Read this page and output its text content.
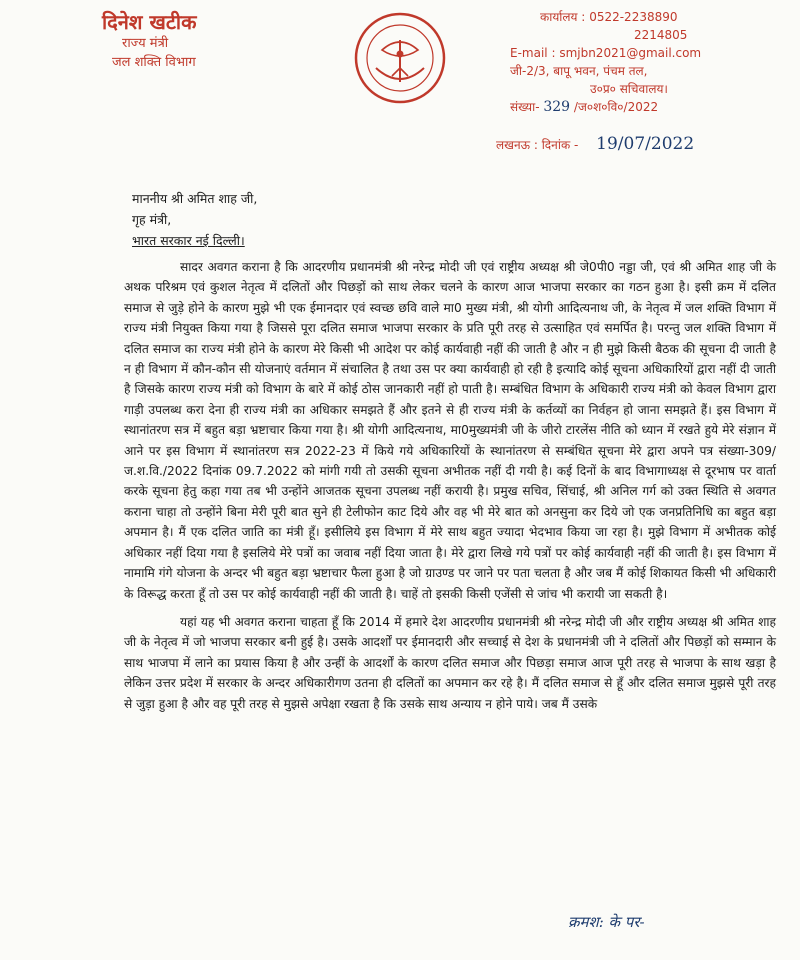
दिनेश खटीक
राज्य मंत्री
जल शक्ति विभाग
कार्यालय : 0522-2238890
2214805
E-mail : smjbn2021@gmail.com
जी-2/3, बापू भवन, पंचम तल,
उ०प्र० सचिवालय।
संख्या- 329 /ज०श०वि०/2022
लखनऊ : दिनांक - 19/07/2022
माननीय श्री अमित शाह जी,
गृह मंत्री,
भारत सरकार नई दिल्ली।

सादर अवगत कराना है कि आदरणीय प्रधानमंत्री श्री नरेन्द्र मोदी जी एवं राष्ट्रीय अध्यक्ष श्री जे0पी0 नड्डा जी, एवं श्री अमित शाह जी के अथक परिश्रम एवं कुशल नेतृत्व में दलितों और पिछड़ों को साथ लेकर चलने के कारण आज भाजपा सरकार का गठन हुआ है। इसी क्रम में दलित समाज से जुड़े होने के कारण मुझे भी एक ईमानदार एवं स्वच्छ छवि वाले मा0 मुख्य मंत्री, श्री योगी आदित्यनाथ जी, के नेतृत्व में जल शक्ति विभाग में राज्य मंत्री नियुक्त किया गया है जिससे पूरा दलित समाज भाजपा सरकार के प्रति पूरी तरह से उत्साहित एवं समर्पित है। परन्तु जल शक्ति विभाग में दलित समाज का राज्य मंत्री होने के कारण मेरे किसी भी आदेश पर कोई कार्यवाही नहीं की जाती है और न ही मुझे किसी बैठक की सूचना दी जाती है न ही विभाग में कौन-कौन सी योजनाएं वर्तमान में संचालित है तथा उस पर क्या कार्यवाही हो रही है इत्यादि कोई सूचना अधिकारियों द्वारा नहीं दी जाती है जिसके कारण राज्य मंत्री को विभाग के बारे में कोई ठोस जानकारी नहीं हो पाती है। सम्बंधित विभाग के अधिकारी राज्य मंत्री को केवल विभाग द्वारा गाड़ी उपलब्ध करा देना ही राज्य मंत्री का अधिकार समझते हैं और इतने से ही राज्य मंत्री के कर्तव्यों का निर्वहन हो जाना समझते हैं। इस विभाग में स्थानांतरण सत्र में बहुत बड़ा भ्रष्टाचार किया गया है। श्री योगी आदित्यनाथ, मा0मुख्यमंत्री जी के जीरो टारलेंस नीति को ध्यान में रखते हुये मेरे संज्ञान में आने पर इस विभाग में स्थानांतरण सत्र 2022-23 में किये गये अधिकारियों के स्थानांतरण से सम्बंधित सूचना मेरे द्वारा अपने पत्र संख्या-309/ज.श.वि./2022 दिनांक 09.7.2022 को मांगी गयी तो उसकी सूचना अभीतक नहीं दी गयी है। कई दिनों के बाद विभागाध्यक्ष से दूरभाष पर वार्ता करके सूचना हेतु कहा गया तब भी उन्होंने आजतक सूचना उपलब्ध नहीं करायी है। प्रमुख सचिव, सिंचाई, श्री अनिल गर्ग को उक्त स्थिति से अवगत कराना चाहा तो उन्होंने बिना मेरी पूरी बात सुने ही टेलीफोन काट दिये और वह भी मेरे बात को अनसुना कर दिये जो एक जनप्रतिनिधि का बहुत बड़ा अपमान है। मैं एक दलित जाति का मंत्री हूँ। इसीलिये इस विभाग में मेरे साथ बहुत ज्यादा भेदभाव किया जा रहा है। मुझे विभाग में अभीतक कोई अधिकार नहीं दिया गया है इसलिये मेरे पत्रों का जवाब नहीं दिया जाता है। मेरे द्वारा लिखे गये पत्रों पर कोई कार्यवाही नहीं की जाती है। इस विभाग में नामामि गंगे योजना के अन्दर भी बहुत बड़ा भ्रष्टाचार फैला हुआ है जो ग्राउण्ड पर जाने पर पता चलता है और जब मैं कोई शिकायत किसी भी अधिकारी के विरूद्ध करता हूँ तो उस पर कोई कार्यवाही नहीं की जाती है। चाहें तो इसकी किसी एजेंसी से जांच भी करायी जा सकती है।

यहां यह भी अवगत कराना चाहता हूँ कि 2014 में हमारे देश आदरणीय प्रधानमंत्री श्री नरेन्द्र मोदी जी और राष्ट्रीय अध्यक्ष श्री अमित शाह जी के नेतृत्व में जो भाजपा सरकार बनी हुई है। उसके आदर्शों पर ईमानदारी और सच्चाई से देश के प्रधानमंत्री जी ने दलितों और पिछड़ों को सम्मान के साथ भाजपा में लाने का प्रयास किया है और उन्हीं के आदर्शों के कारण दलित समाज और पिछड़ा समाज आज पूरी तरह से भाजपा के साथ खड़ा है लेकिन उत्तर प्रदेश में सरकार के अन्दर अधिकारीगण उतना ही दलितों का अपमान कर रहे है। मैं दलित समाज से हूँ और दलित समाज मुझसे पूरी तरह से जुड़ा हुआ है और वह पूरी तरह से मुझसे अपेक्षा रखता है कि उसके साथ अन्याय न होने पाये। जब मैं उसके

क्रमश: के पर-
